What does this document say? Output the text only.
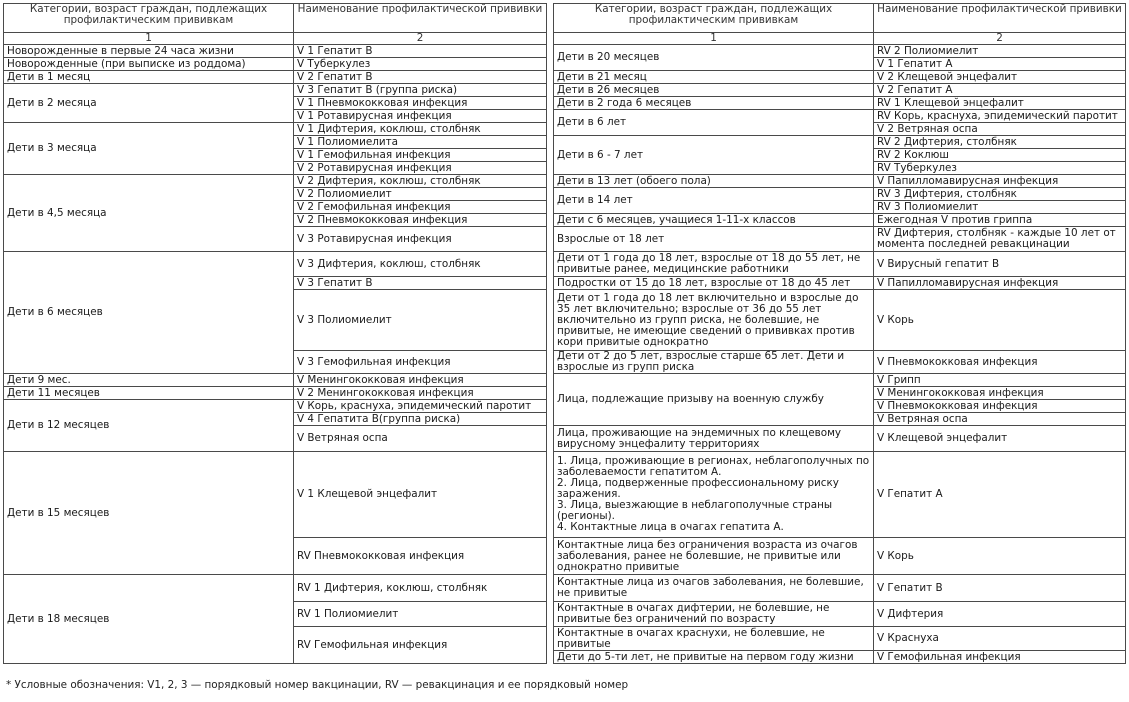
Категории, возраст граждан, подлежащих профилактическим прививкам	Наименование профилактической прививки
1	2
Новорожденные в первые 24 часа жизни	V 1 Гепатит В
Новорожденные (при выписке из роддома)	V Туберкулез
Дети в 1 месяц	V 2 Гепатит В
Дети в 2 месяца	V 3 Гепатит В (группа риска)
	V 1 Пневмококковая инфекция
	V 1 Ротавирусная инфекция
Дети в 3 месяца	V 1 Дифтерия, коклюш, столбняк
	V 1 Полиомиелита
	V 1 Гемофильная инфекция
	V 2 Ротавирусная инфекция
Дети в 4,5 месяца	V 2 Дифтерия, коклюш, столбняк
	V 2 Полиомиелит
	V 2 Гемофильная инфекция
	V 2 Пневмококковая инфекция
	V 3 Ротавирусная инфекция
Дети в 6 месяцев	V 3 Дифтерия, коклюш, столбняк
	V 3 Гепатит В
	V 3 Полиомиелит
	V 3 Гемофильная инфекция
Дети 9 мес.	V Менингококковая инфекция
Дети 11 месяцев	V 2 Менингококковая инфекция
Дети в 12 месяцев	V Корь, краснуха, эпидемический паротит
	V 4 Гепатита В(группа риска)
	V Ветряная оспа
Дети в 15 месяцев	V 1 Клещевой энцефалит
	RV Пневмококковая инфекция
Дети в 18 месяцев	RV 1 Дифтерия, коклюш, столбняк
	RV 1 Полиомиелит
	RV Гемофильная инфекция
Категории, возраст граждан, подлежащих профилактическим прививкам	Наименование профилактической прививки
1	2
Дети в 20 месяцев	RV 2 Полиомиелит
	V 1 Гепатит А
Дети в 21 месяц	V 2 Клещевой энцефалит
Дети в 26 месяцев	V 2 Гепатит А
Дети в 2 года 6 месяцев	RV 1 Клещевой энцефалит
Дети в 6 лет	RV Корь, краснуха, эпидемический паротит
	V 2 Ветряная оспа
Дети в 6 - 7 лет	RV 2 Дифтерия, столбняк
	RV 2 Коклюш
	RV Туберкулез
Дети в 13 лет (обоего пола)	V Папилломавирусная инфекция
Дети в 14 лет	RV 3 Дифтерия, столбняк
	RV 3 Полиомиелит
Дети с 6 месяцев, учащиеся 1-11-х классов	Ежегодная V против гриппа
Взрослые от 18 лет	RV Дифтерия, столбняк - каждые 10 лет от момента последней ревакцинации
Дети от 1 года до 18 лет, взрослые от 18 до 55 лет, не привитые ранее, медицинские работники	V Вирусный гепатит В
Подростки от 15 до 18 лет, взрослые от 18 до 45 лет	V Папилломавирусная инфекция
Дети от 1 года до 18 лет включительно и взрослые до 35 лет включительно; взрослые от 36 до 55 лет включительно из групп риска, не болевшие, не привитые, не имеющие сведений о прививках против кори привитые однократно	V Корь
Дети от 2 до 5 лет, взрослые старше 65 лет. Дети и взрослые из групп риска	V Пневмококковая инфекция
Лица, подлежащие призыву на военную службу	V Грипп
	V Менингококковая инфекция
	V Пневмококковая инфекция
	V Ветряная оспа
Лица, проживающие на эндемичных по клещевому вирусному энцефалиту территориях	V Клещевой энцефалит
1. Лица, проживающие в регионах, неблагополучных по заболеваемости гепатитом А.
2. Лица, подверженные профессиональному риску заражения.
3. Лица, выезжающие в неблагополучные страны (регионы).
4. Контактные лица в очагах гепатита А.	V Гепатит А
Контактные лица без ограничения возраста из очагов заболевания, ранее не болевшие, не привитые или однократно привитые	V Корь
Контактные лица из очагов заболевания, не болевшие, не привитые	V Гепатит В
Контактные в очагах дифтерии, не болевшие, не привитые без ограничений по возрасту	V Дифтерия
Контактные в очагах краснухи, не болевшие, не привитые	V Краснуха
Дети до 5-ти лет, не привитые на первом году жизни	V Гемофильная инфекция
* Условные обозначения: V1, 2, 3 — порядковый номер вакцинации, RV — ревакцинация и ее порядковый номер
